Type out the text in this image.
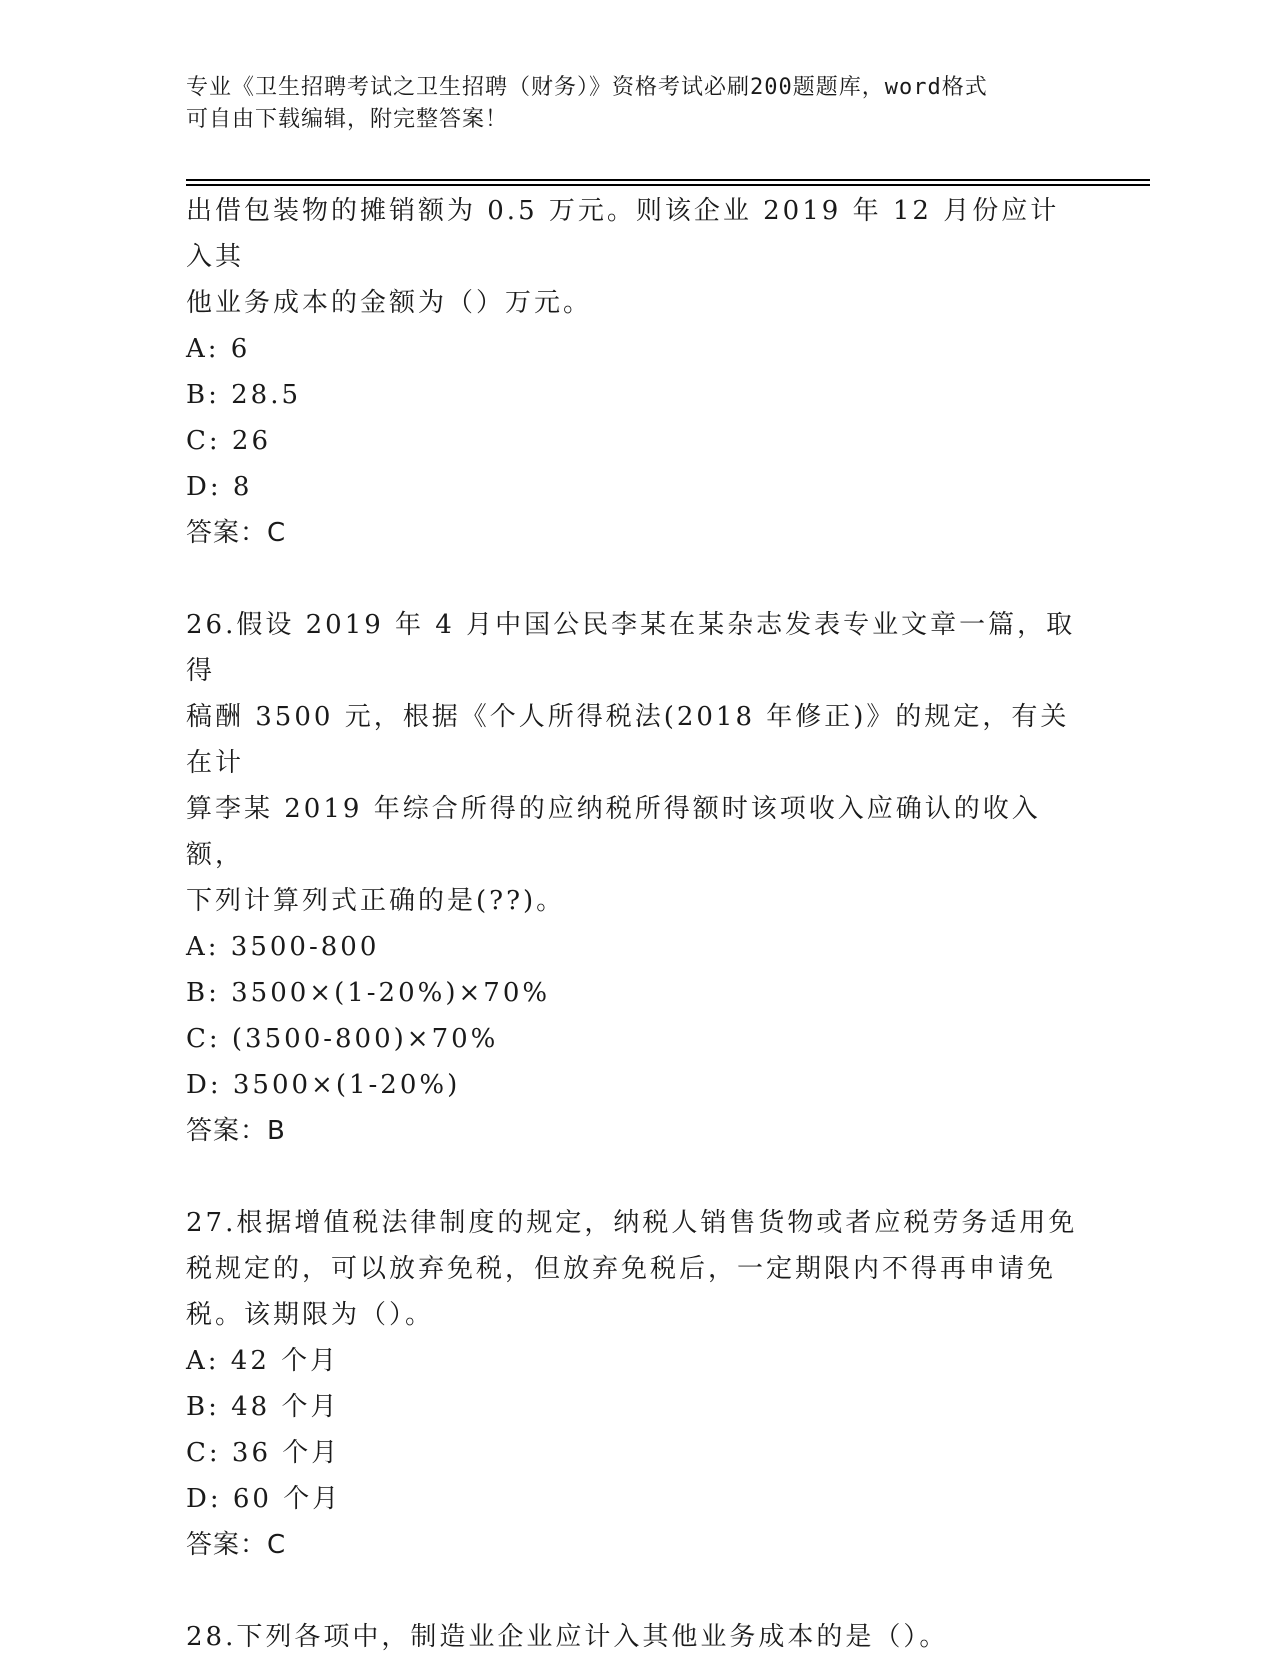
专业《卫生招聘考试之卫生招聘（财务）》资格考试必刷200题题库，word格式
可自由下载编辑，附完整答案！
出借包装物的摊销额为 0.5 万元。则该企业 2019 年 12 月份应计入其
他业务成本的金额为（）万元。
A: 6
B: 28.5
C: 26
D: 8
答案：C
26.假设 2019 年 4 月中国公民李某在某杂志发表专业文章一篇，取得
稿酬 3500 元，根据《个人所得税法(2018 年修正)》的规定，有关在计
算李某 2019 年综合所得的应纳税所得额时该项收入应确认的收入额，
下列计算列式正确的是(??)。
A: 3500-800
B: 3500×(1-20%)×70%
C: (3500-800)×70%
D: 3500×(1-20%)
答案：B
27.根据增值税法律制度的规定，纳税人销售货物或者应税劳务适用免
税规定的，可以放弃免税，但放弃免税后，一定期限内不得再申请免
税。该期限为（）。
A: 42 个月
B: 48 个月
C: 36 个月
D: 60 个月
答案：C
28.下列各项中，制造业企业应计入其他业务成本的是（）。
